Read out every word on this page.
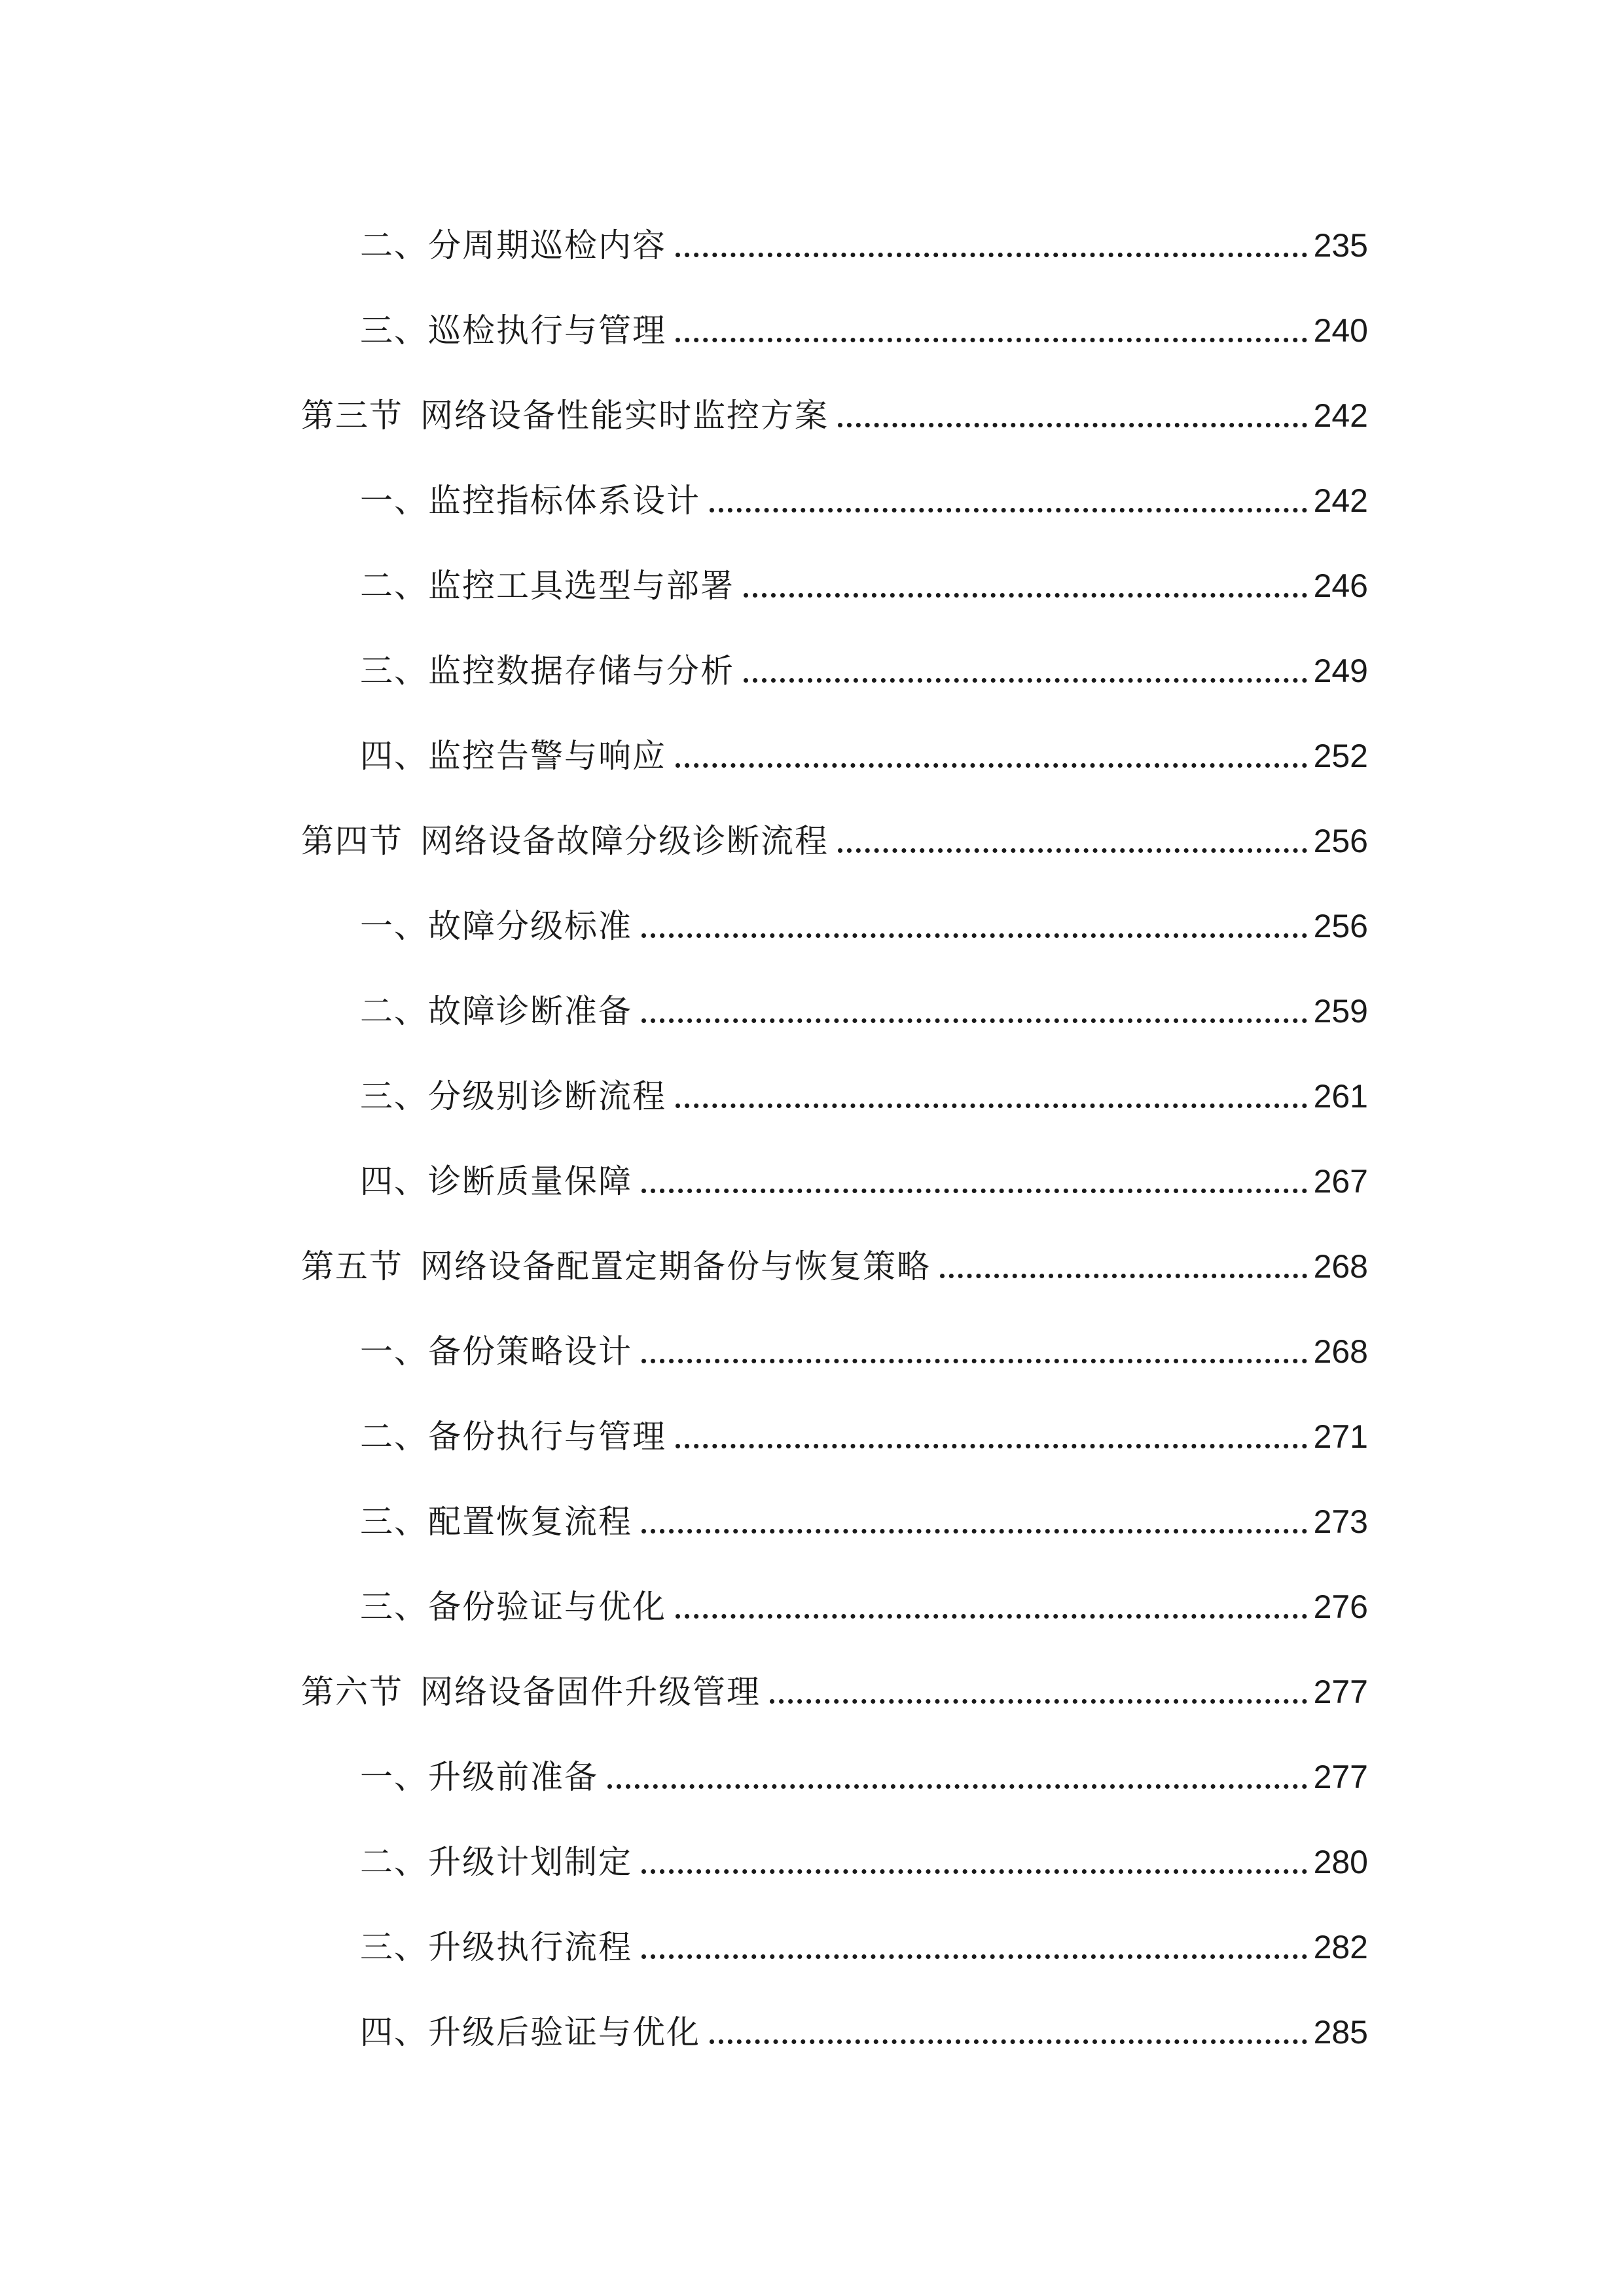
二、分周期巡检内容	235
三、巡检执行与管理	240
第三节 网络设备性能实时监控方案	242
一、监控指标体系设计	242
二、监控工具选型与部署	246
三、监控数据存储与分析	249
四、监控告警与响应	252
第四节 网络设备故障分级诊断流程	256
一、故障分级标准	256
二、故障诊断准备	259
三、分级别诊断流程	261
四、诊断质量保障	267
第五节 网络设备配置定期备份与恢复策略	268
一、备份策略设计	268
二、备份执行与管理	271
三、配置恢复流程	273
三、备份验证与优化	276
第六节 网络设备固件升级管理	277
一、升级前准备	277
二、升级计划制定	280
三、升级执行流程	282
四、升级后验证与优化	285
